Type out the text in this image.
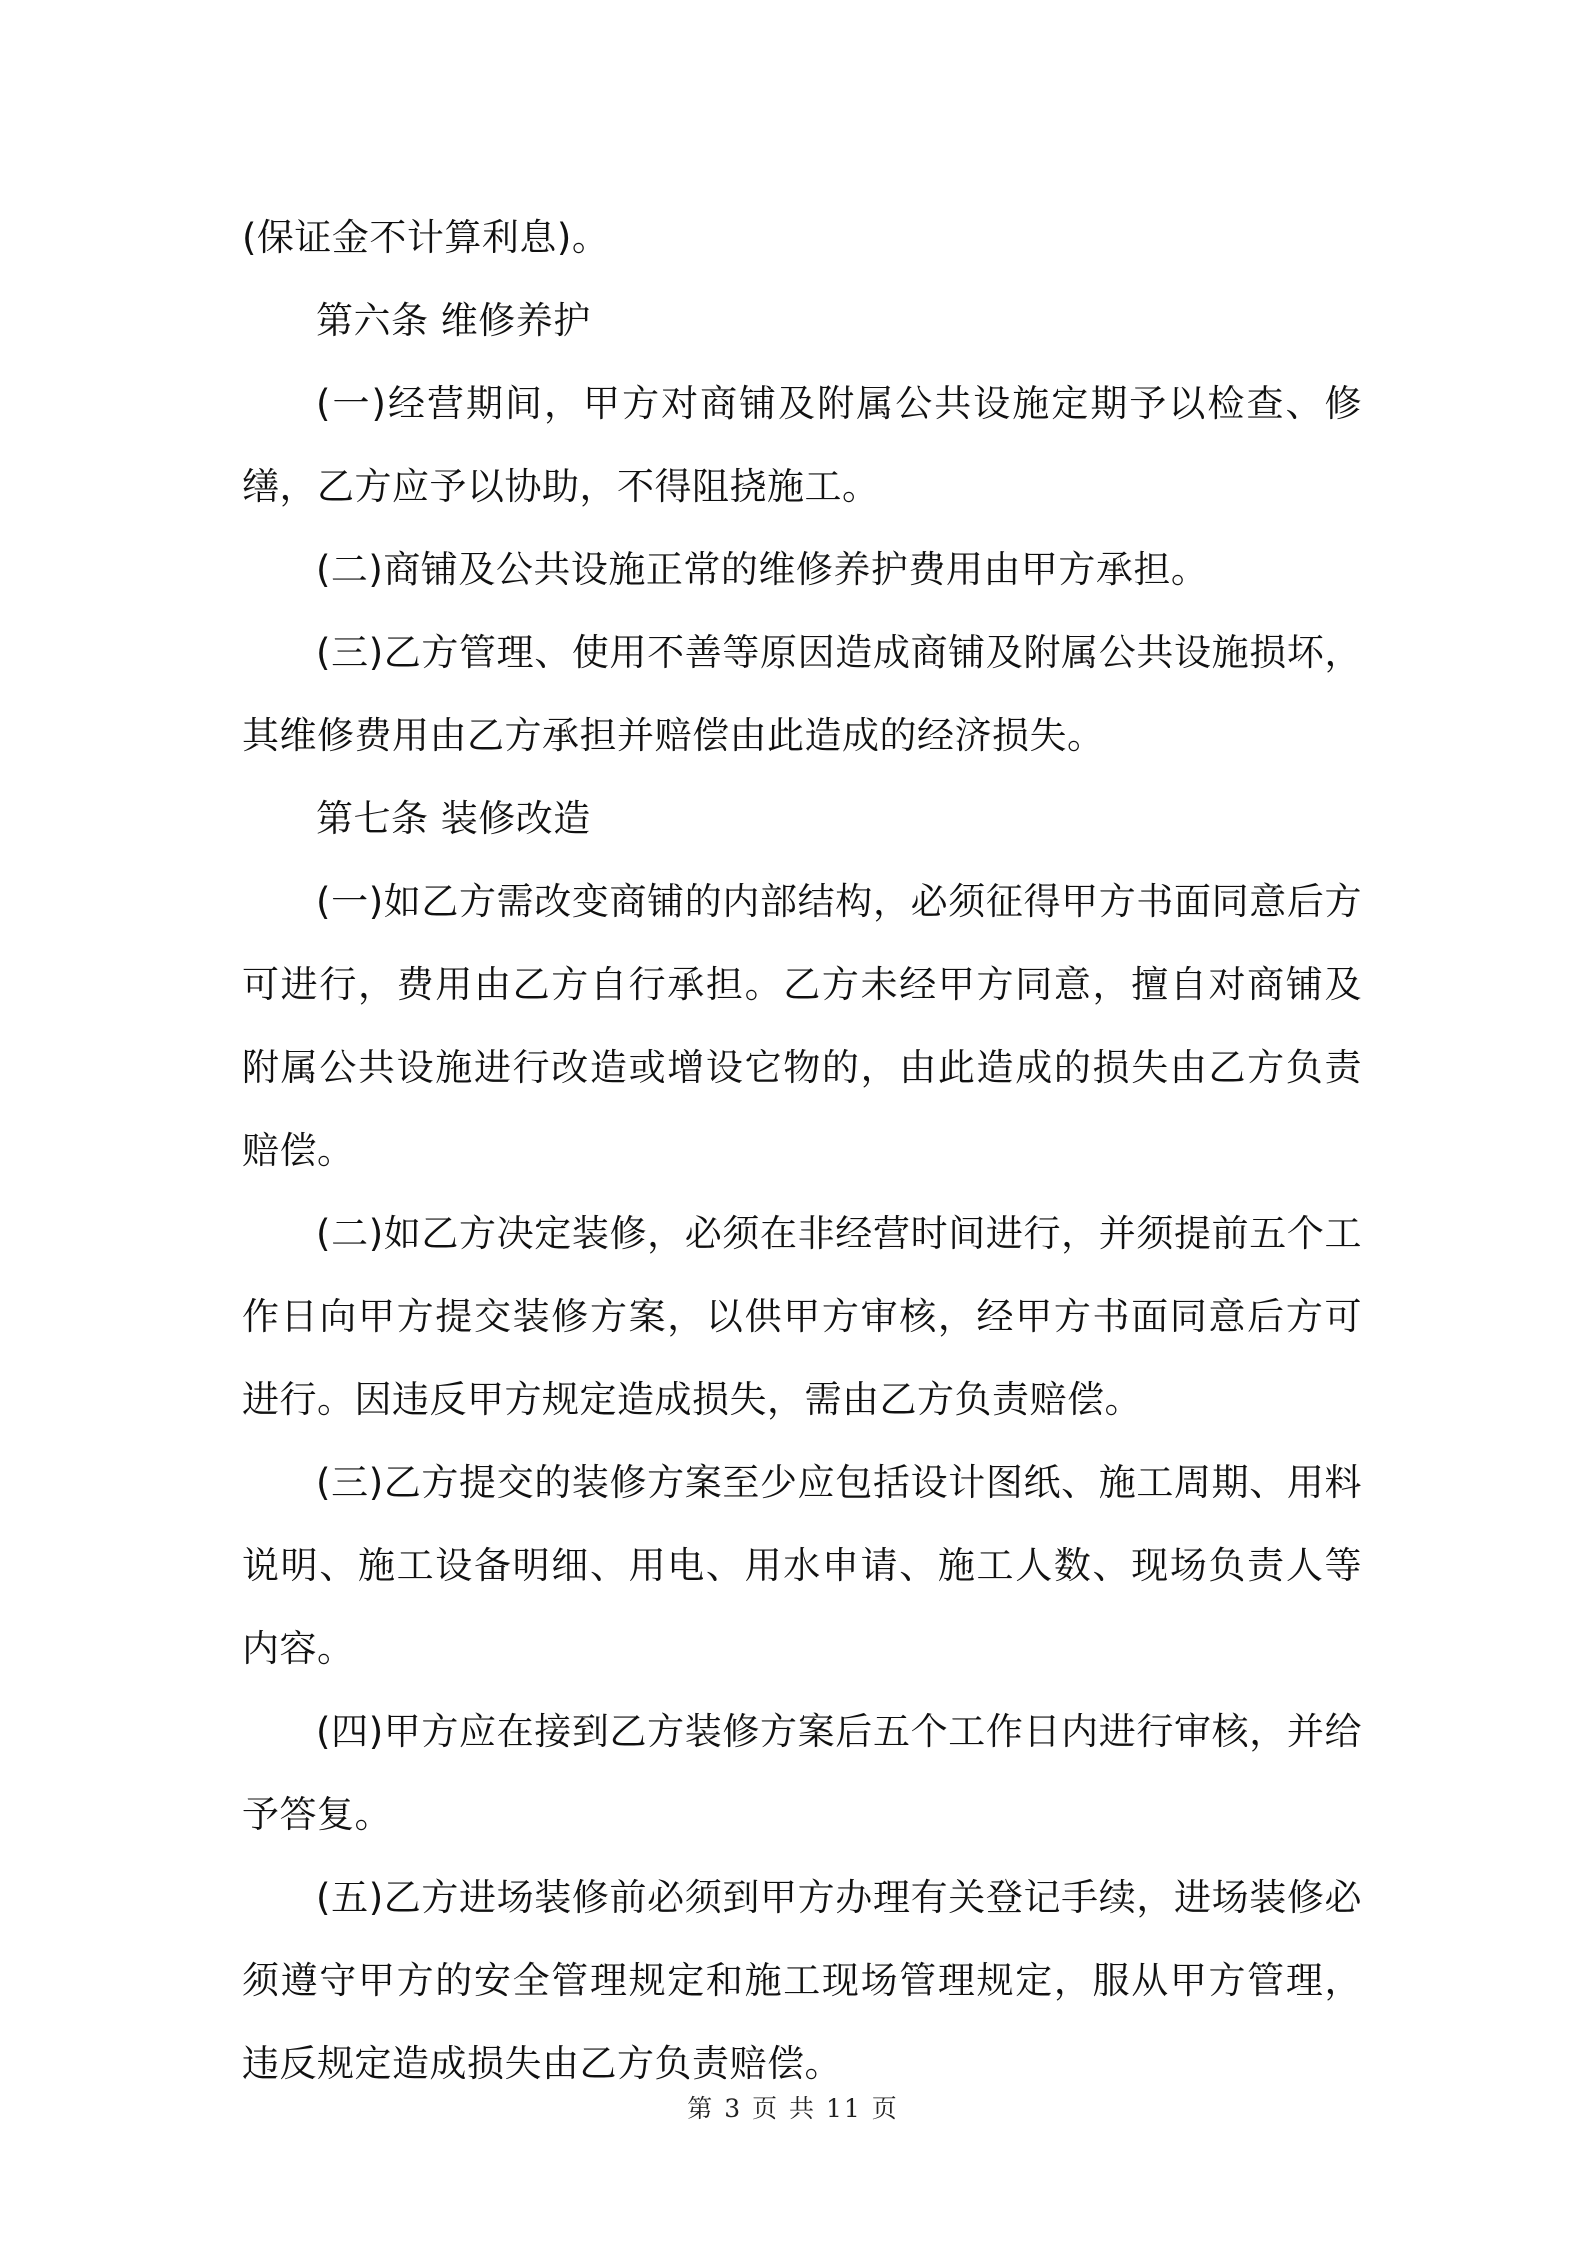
(保证金不计算利息)。

第六条 维修养护

(一)经营期间，甲方对商铺及附属公共设施定期予以检查、修缮，乙方应予以协助，不得阻挠施工。

(二)商铺及公共设施正常的维修养护费用由甲方承担。

(三)乙方管理、使用不善等原因造成商铺及附属公共设施损坏，其维修费用由乙方承担并赔偿由此造成的经济损失。

第七条 装修改造

(一)如乙方需改变商铺的内部结构，必须征得甲方书面同意后方可进行，费用由乙方自行承担。乙方未经甲方同意，擅自对商铺及附属公共设施进行改造或增设它物的，由此造成的损失由乙方负责赔偿。

(二)如乙方决定装修，必须在非经营时间进行，并须提前五个工作日向甲方提交装修方案，以供甲方审核，经甲方书面同意后方可进行。因违反甲方规定造成损失，需由乙方负责赔偿。

(三)乙方提交的装修方案至少应包括设计图纸、施工周期、用料说明、施工设备明细、用电、用水申请、施工人数、现场负责人等内容。

(四)甲方应在接到乙方装修方案后五个工作日内进行审核，并给予答复。

(五)乙方进场装修前必须到甲方办理有关登记手续，进场装修必须遵守甲方的安全管理规定和施工现场管理规定，服从甲方管理，违反规定造成损失由乙方负责赔偿。

第 3 页 共 11 页
